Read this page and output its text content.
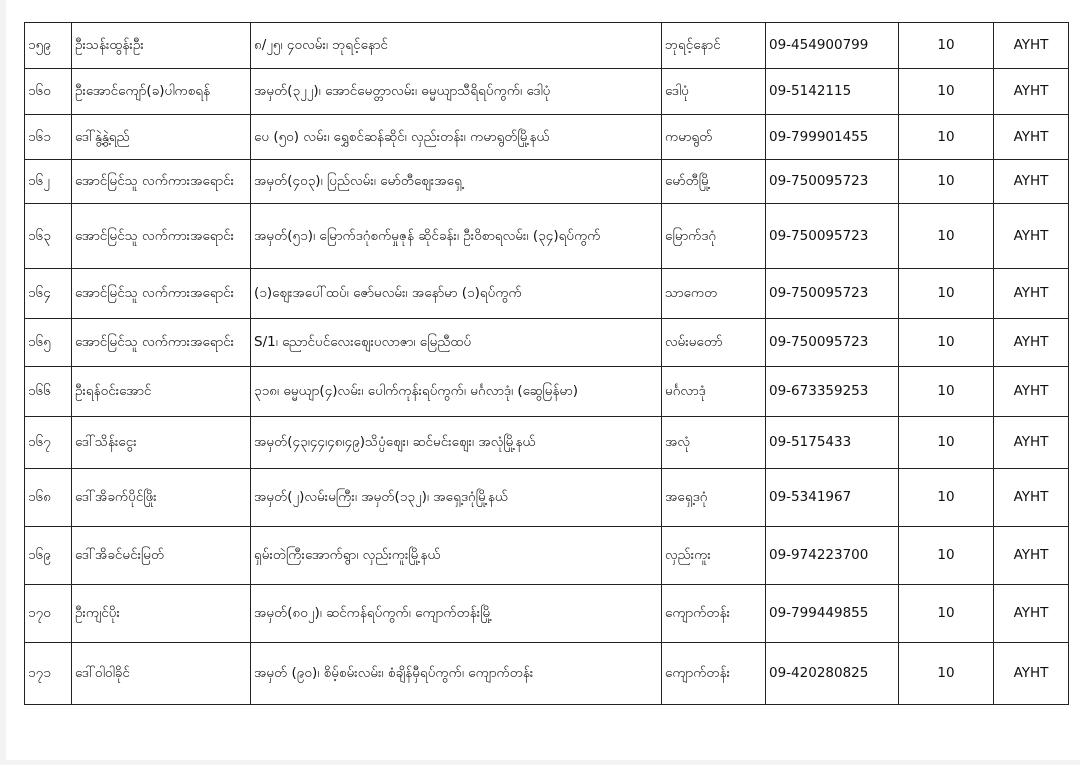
၁၅၉	ဦးသန်းထွန်းဦး	၈/၂၅၊ ၄၀လမ်း၊ ဘုရင့်နောင်	ဘုရင့်နောင်	09-454900799	10	AYHT
၁၆၀	ဦးအောင်ကျော်(ခ)ပါကစရန်	အမှတ်(၃၂၂)၊ အောင်မေတ္တာလမ်း၊ ဓမ္မယျာသီရိရပ်ကွက်၊ ဒေါပုံ	ဒေါပုံ	09-5142115	10	AYHT
၁၆၁	ဒေါ်နွဲ့နွဲ့ရည်	ပေ (၅၀) လမ်း၊ ရွှေစင်ဆန်ဆိုင်၊ လှည်းတန်း၊ ကမာရွတ်မြို့နယ်	ကမာရွတ်	09-799901455	10	AYHT
၁၆၂	အောင်မြင်သူ လက်ကားအရောင်း	အမှတ်(၄၀၃)၊ ပြည်လမ်း၊ မော်တီဈေးအရှေ့	မော်တီမြို့	09-750095723	10	AYHT
၁၆၃	အောင်မြင်သူ လက်ကားအရောင်း	အမှတ်(၅၁)၊ မြောက်ဒဂုံစက်မှုဇုန် ဆိုင်ခန်း၊ ဦးဝိစာရလမ်း၊ (၃၄)ရပ်ကွက်	မြောက်ဒဂုံ	09-750095723	10	AYHT
၁၆၄	အောင်မြင်သူ လက်ကားအရောင်း	(၁)ဈေးအပေါ်ထပ်၊ ဇော်မလမ်း၊ အနော်မာ (၁)ရပ်ကွက်	သာကေတ	09-750095723	10	AYHT
၁၆၅	အောင်မြင်သူ လက်ကားအရောင်း	S/1၊ ညောင်ပင်လေးဈေးပလာဇာ၊ မြေညီထပ်	လမ်းမတော်	09-750095723	10	AYHT
၁၆၆	ဦးရန်ဝင်းအောင်	၃၁၈၊ ဓမ္မယျာ(၄)လမ်း၊ ပေါက်ကုန်းရပ်ကွက်၊ မင်္ဂလာဒုံ၊ (ဆွေမြန်မာ)	မင်္ဂလာဒုံ	09-673359253	10	AYHT
၁၆၇	ဒေါ်သိန်းငွေး	အမှတ်(၄၃၊၄၄၊၄၈၊၄၉)သိပ္ပံဈေး၊ ဆင်မင်းဈေး၊ အလုံမြို့နယ်	အလုံ	09-5175433	10	AYHT
၁၆၈	ဒေါ်အိခက်ပိုင်ဖြိုး	အမှတ်(၂)လမ်းမကြီး၊ အမှတ်(၁၃၂)၊ အရှေ့ဒဂုံမြို့နယ်	အရှေ့ဒဂုံ	09-5341967	10	AYHT
၁၆၉	ဒေါ်အိခင်မင်းမြတ်	ရှမ်းတဲကြီးအောက်ရွာ၊ လှည်းကူးမြို့နယ်	လှည်းကူး	09-974223700	10	AYHT
၁၇၀	ဦးကျင်ပိုး	အမှတ်(၈၀၂)၊ ဆင်ကန်ရပ်ကွက်၊ ကျောက်တန်းမြို့	ကျောက်တန်း	09-799449855	10	AYHT
၁၇၁	ဒေါ်ဝါဝါခိုင်	အမှတ် (၉၀)၊ စိမ့်စမ်းလမ်း၊ စံချိန်မှီရပ်ကွက်၊ ကျောက်တန်း	ကျောက်တန်း	09-420280825	10	AYHT
